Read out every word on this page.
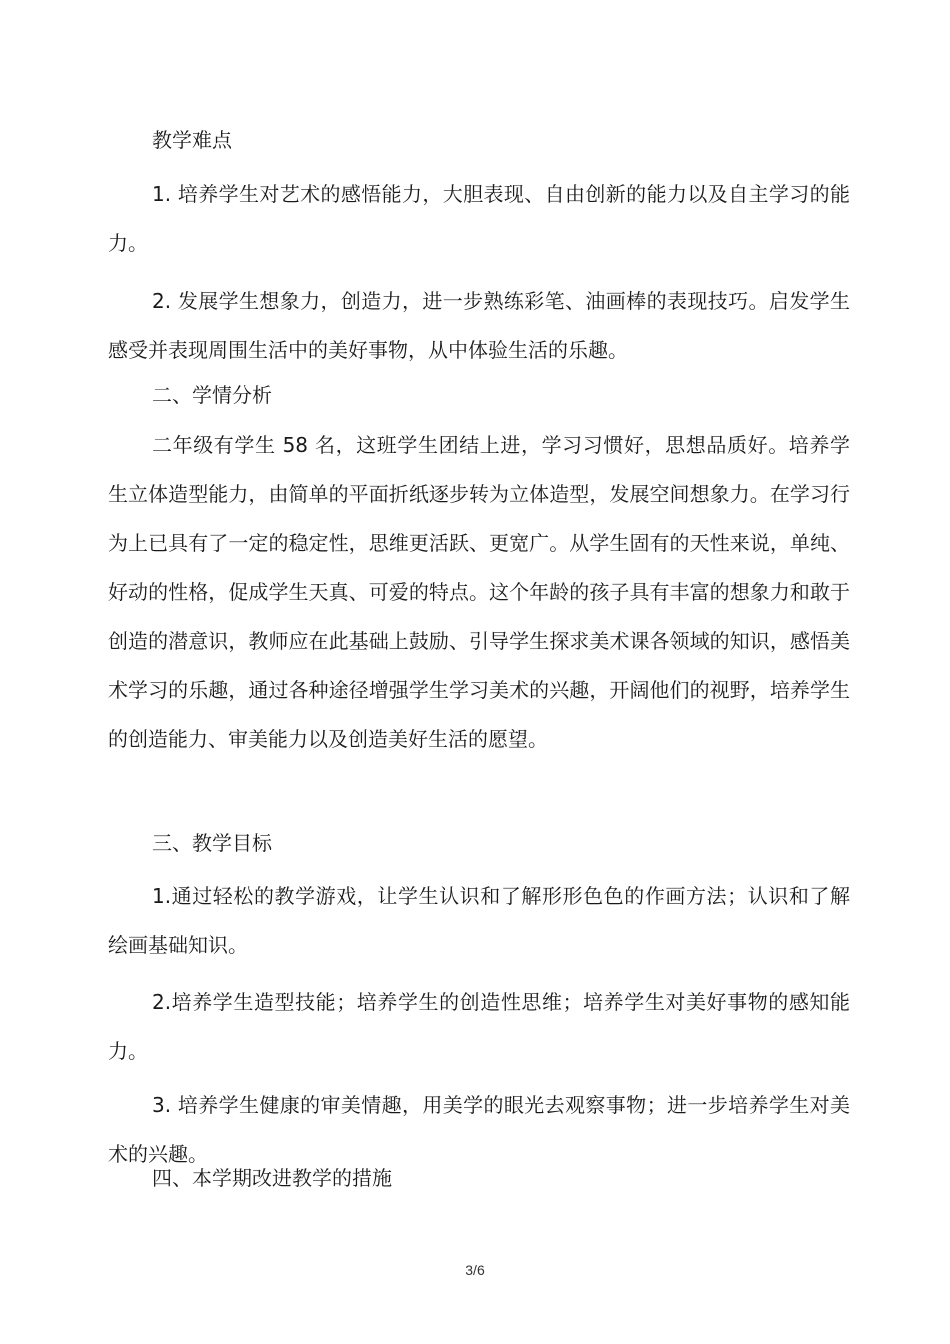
教学难点

1. 培养学生对艺术的感悟能力，大胆表现、自由创新的能力以及自主学习的能力。

2. 发展学生想象力，创造力，进一步熟练彩笔、油画棒的表现技巧。启发学生感受并表现周围生活中的美好事物，从中体验生活的乐趣。

二、学情分析

二年级有学生 58 名，这班学生团结上进，学习习惯好，思想品质好。培养学生立体造型能力，由简单的平面折纸逐步转为立体造型，发展空间想象力。在学习行为上已具有了一定的稳定性，思维更活跃、更宽广。从学生固有的天性来说，单纯、好动的性格，促成学生天真、可爱的特点。这个年龄的孩子具有丰富的想象力和敢于创造的潜意识，教师应在此基础上鼓励、引导学生探求美术课各领域的知识，感悟美术学习的乐趣，通过各种途径增强学生学习美术的兴趣，开阔他们的视野，培养学生的创造能力、审美能力以及创造美好生活的愿望。

三、教学目标

1.通过轻松的教学游戏，让学生认识和了解形形色色的作画方法；认识和了解绘画基础知识。

2.培养学生造型技能；培养学生的创造性思维；培养学生对美好事物的感知能力。

3. 培养学生健康的审美情趣，用美学的眼光去观察事物；进一步培养学生对美术的兴趣。

四、本学期改进教学的措施

3/6
